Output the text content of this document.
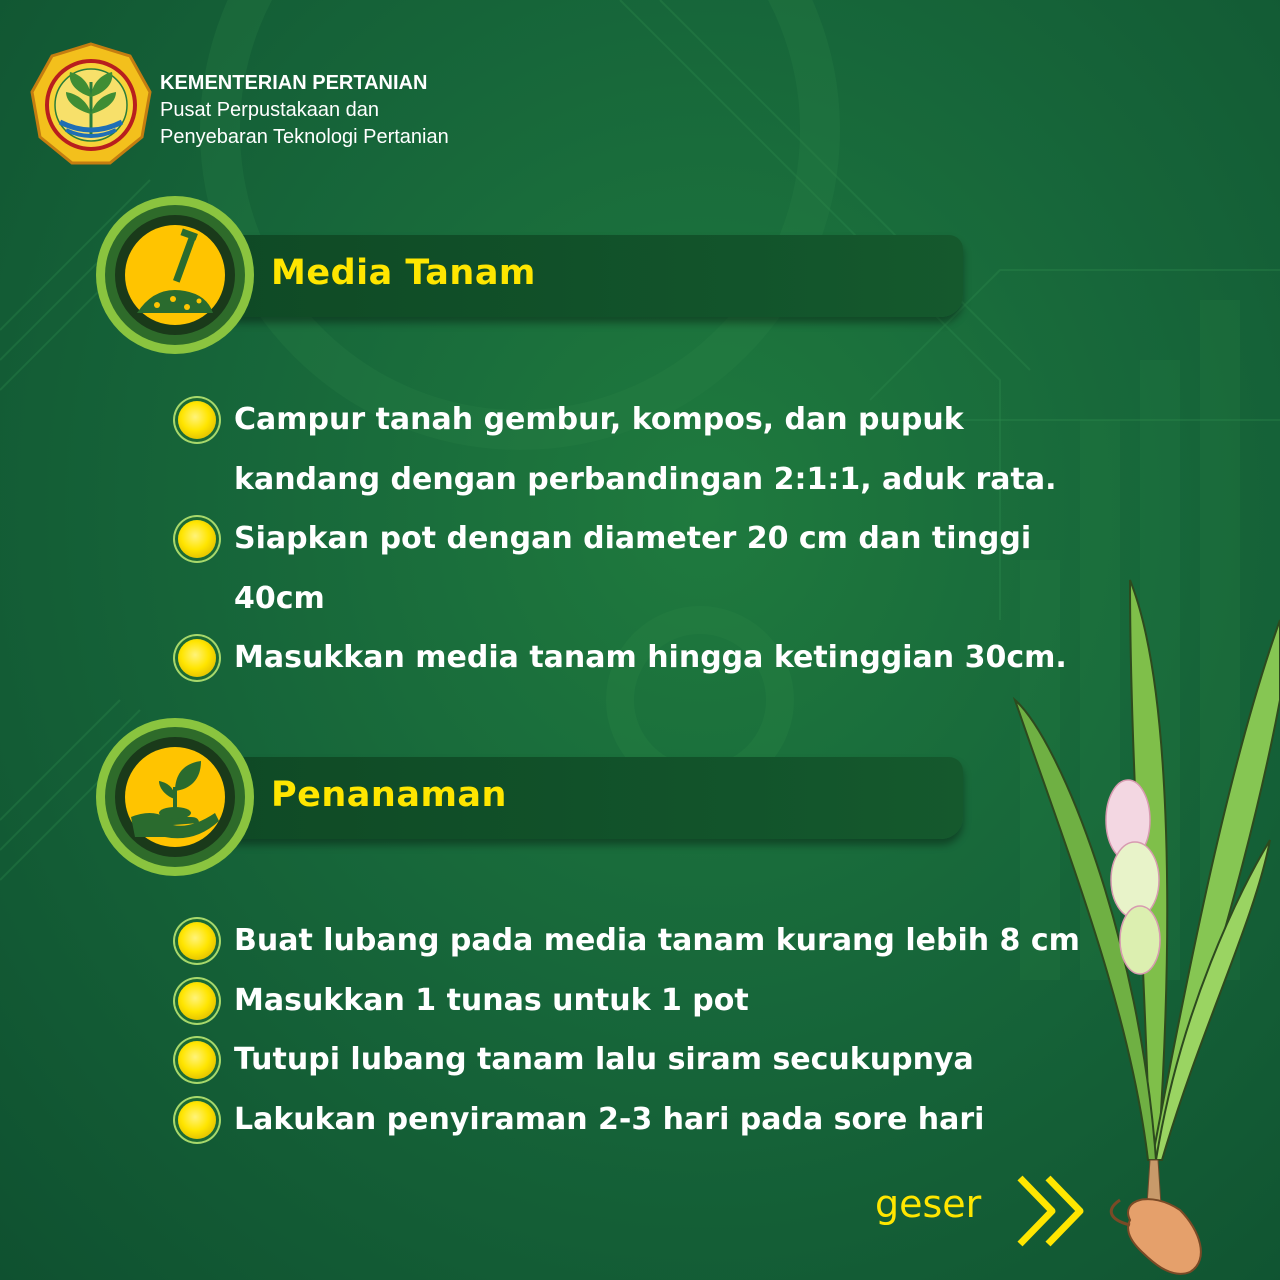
KEMENTERIAN PERTANIAN
Pusat Perpustakaan dan
Penyebaran Teknologi Pertanian
Media Tanam
Campur tanah gembur, kompos, dan pupuk kandang dengan perbandingan 2:1:1, aduk rata.
Siapkan pot dengan diameter 20 cm dan tinggi 40cm
Masukkan media tanam hingga ketinggian 30cm.
Penanaman
Buat lubang pada media tanam kurang lebih 8 cm
Masukkan 1 tunas untuk 1 pot
Tutupi lubang tanam lalu siram secukupnya
Lakukan penyiraman 2-3 hari pada sore hari
geser
